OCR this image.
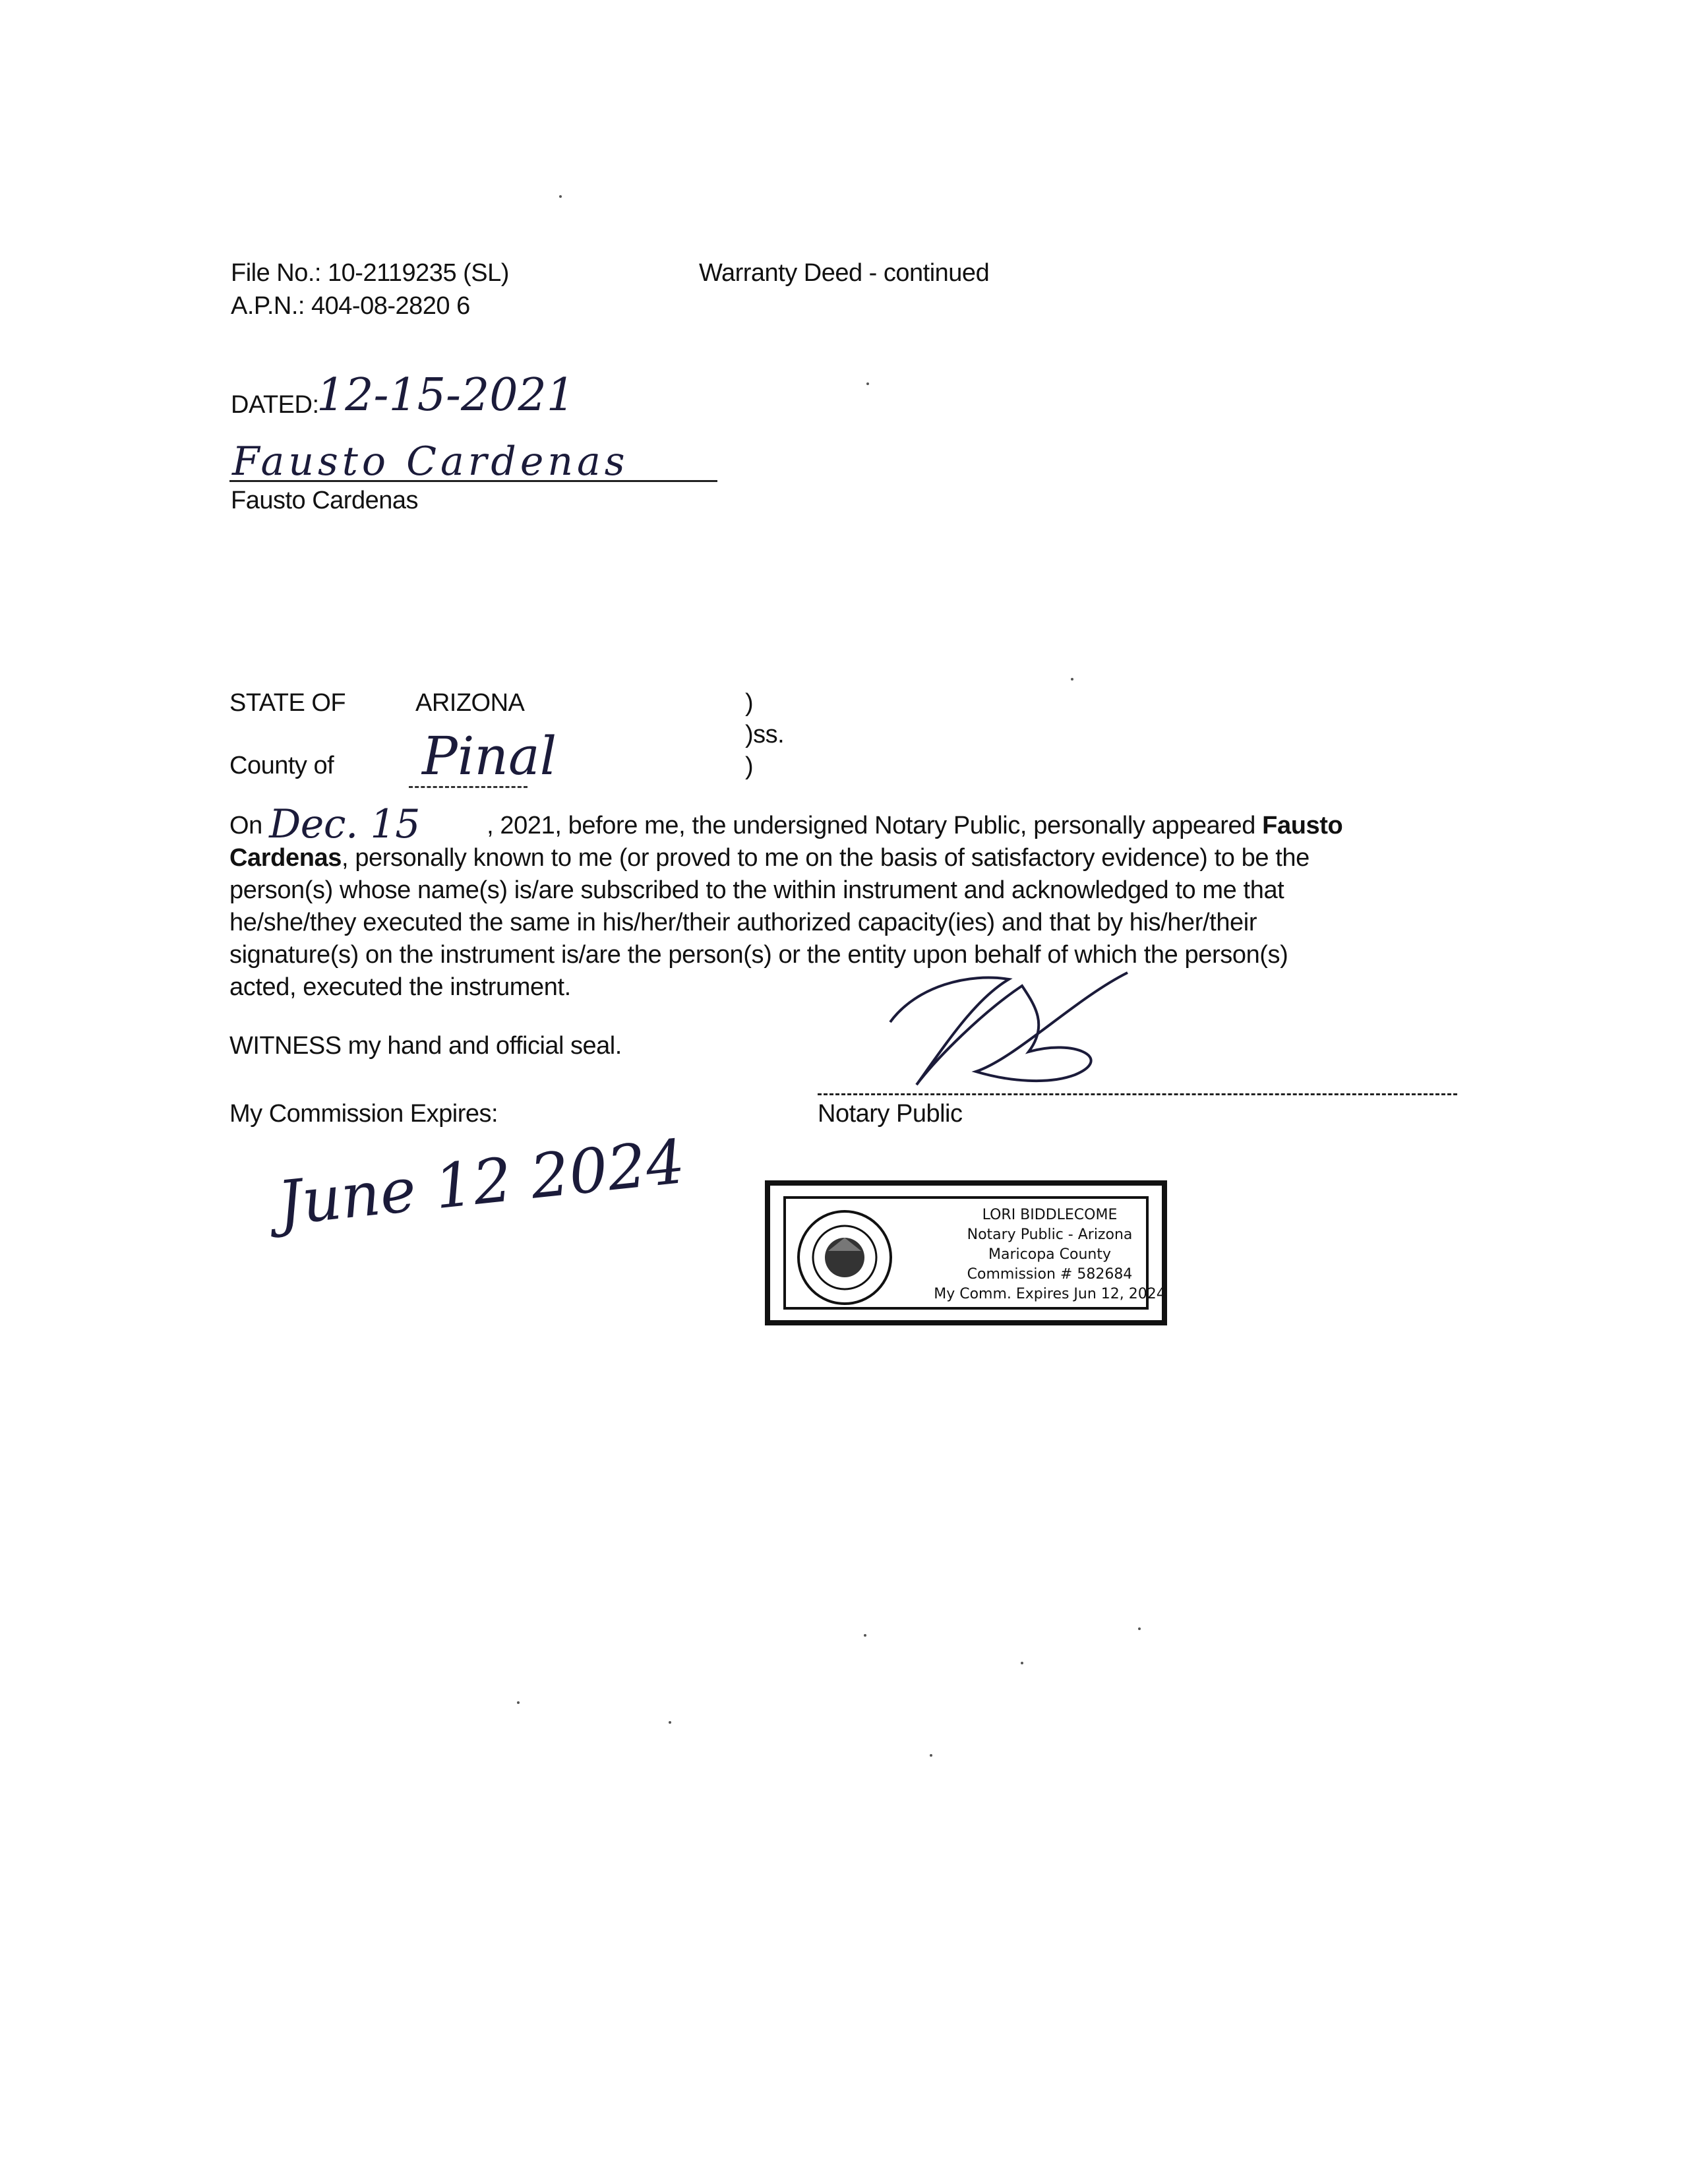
File No.: 10-2119235 (SL)
A.P.N.: 404-08-2820 6
Warranty Deed - continued
DATED:
12-15-2021
Fausto Cardenas
Fausto Cardenas
STATE OF	ARIZONA	)
)ss.
)
County of Pinal
On Dec. 15	, 2021, before me, the undersigned Notary Public, personally appeared Fausto
Cardenas, personally known to me (or proved to me on the basis of satisfactory evidence) to be the
person(s) whose name(s) is/are subscribed to the within instrument and acknowledged to me that
he/she/they executed the same in his/her/their authorized capacity(ies) and that by his/her/their
signature(s) on the instrument is/are the person(s) or the entity upon behalf of which the person(s)
acted, executed the instrument.
WITNESS my hand and official seal.
Notary Public
My Commission Expires:
June 12 2024	LORI BIDDLECOME
Notary Public - Arizona
Maricopa County
Commission # 582684
My Comm. Expires Jun 12, 2024
